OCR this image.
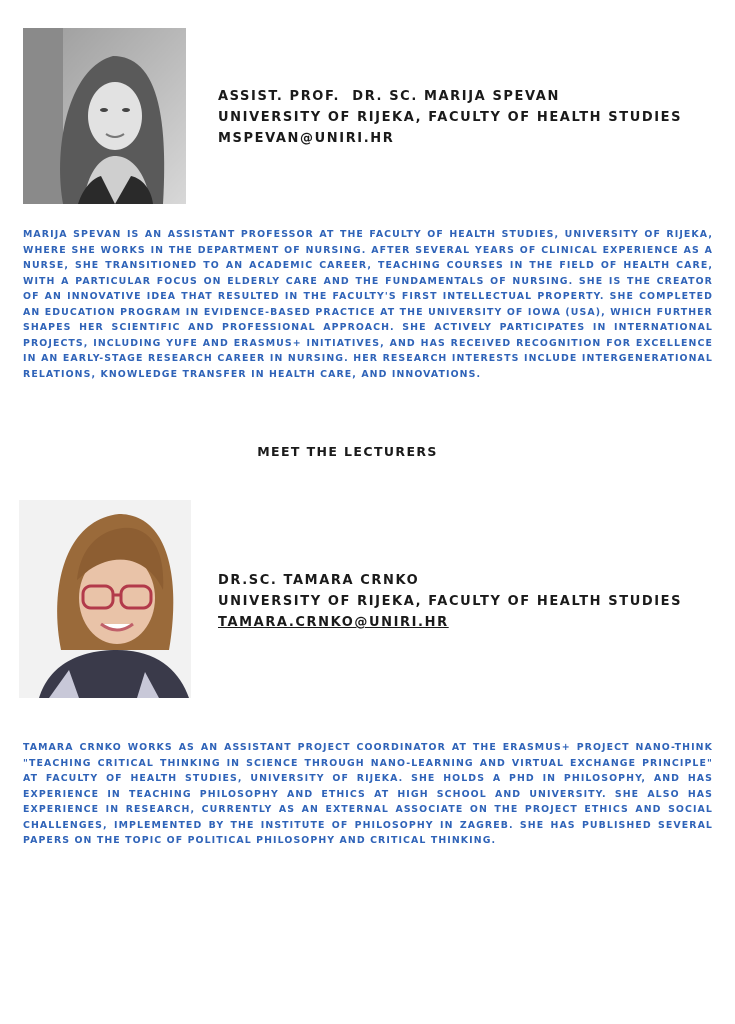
ASSIST. PROF.  DR. SC. MARIJA SPEVAN
UNIVERSITY OF RIJEKA, FACULTY OF HEALTH STUDIES
MSPEVAN@UNIRI.HR
MARIJA SPEVAN IS AN ASSISTANT PROFESSOR AT THE FACULTY OF HEALTH STUDIES, UNIVERSITY OF RIJEKA, WHERE SHE WORKS IN THE DEPARTMENT OF NURSING. AFTER SEVERAL YEARS OF CLINICAL EXPERIENCE AS A NURSE, SHE TRANSITIONED TO AN ACADEMIC CAREER, TEACHING COURSES IN THE FIELD OF HEALTH CARE, WITH A PARTICULAR FOCUS ON ELDERLY CARE AND THE FUNDAMENTALS OF NURSING. SHE IS THE CREATOR OF AN INNOVATIVE IDEA THAT RESULTED IN THE FACULTY'S FIRST INTELLECTUAL PROPERTY. SHE COMPLETED AN EDUCATION PROGRAM IN EVIDENCE-BASED PRACTICE AT THE UNIVERSITY OF IOWA (USA), WHICH FURTHER SHAPES HER SCIENTIFIC AND PROFESSIONAL APPROACH. SHE ACTIVELY PARTICIPATES IN INTERNATIONAL PROJECTS, INCLUDING YUFE AND ERASMUS+ INITIATIVES, AND HAS RECEIVED RECOGNITION FOR EXCELLENCE IN AN EARLY-STAGE RESEARCH CAREER IN NURSING. HER RESEARCH INTERESTS INCLUDE INTERGENERATIONAL RELATIONS, KNOWLEDGE TRANSFER IN HEALTH CARE, AND INNOVATIONS.
MEET THE LECTURERS
DR.SC. TAMARA CRNKO
UNIVERSITY OF RIJEKA, FACULTY OF HEALTH STUDIES
TAMARA.CRNKO@UNIRI.HR
TAMARA CRNKO WORKS AS AN ASSISTANT PROJECT COORDINATOR AT THE ERASMUS+ PROJECT NANO-THINK "TEACHING CRITICAL THINKING IN SCIENCE THROUGH NANO-LEARNING AND VIRTUAL EXCHANGE PRINCIPLE" AT FACULTY OF HEALTH STUDIES, UNIVERSITY OF RIJEKA. SHE HOLDS A PHD IN PHILOSOPHY, AND HAS EXPERIENCE IN TEACHING PHILOSOPHY AND ETHICS AT HIGH SCHOOL AND UNIVERSITY. SHE ALSO HAS EXPERIENCE IN RESEARCH, CURRENTLY AS AN EXTERNAL ASSOCIATE ON THE PROJECT ETHICS AND SOCIAL CHALLENGES, IMPLEMENTED BY THE INSTITUTE OF PHILOSOPHY IN ZAGREB. SHE HAS PUBLISHED SEVERAL PAPERS ON THE TOPIC OF POLITICAL PHILOSOPHY AND CRITICAL THINKING.
